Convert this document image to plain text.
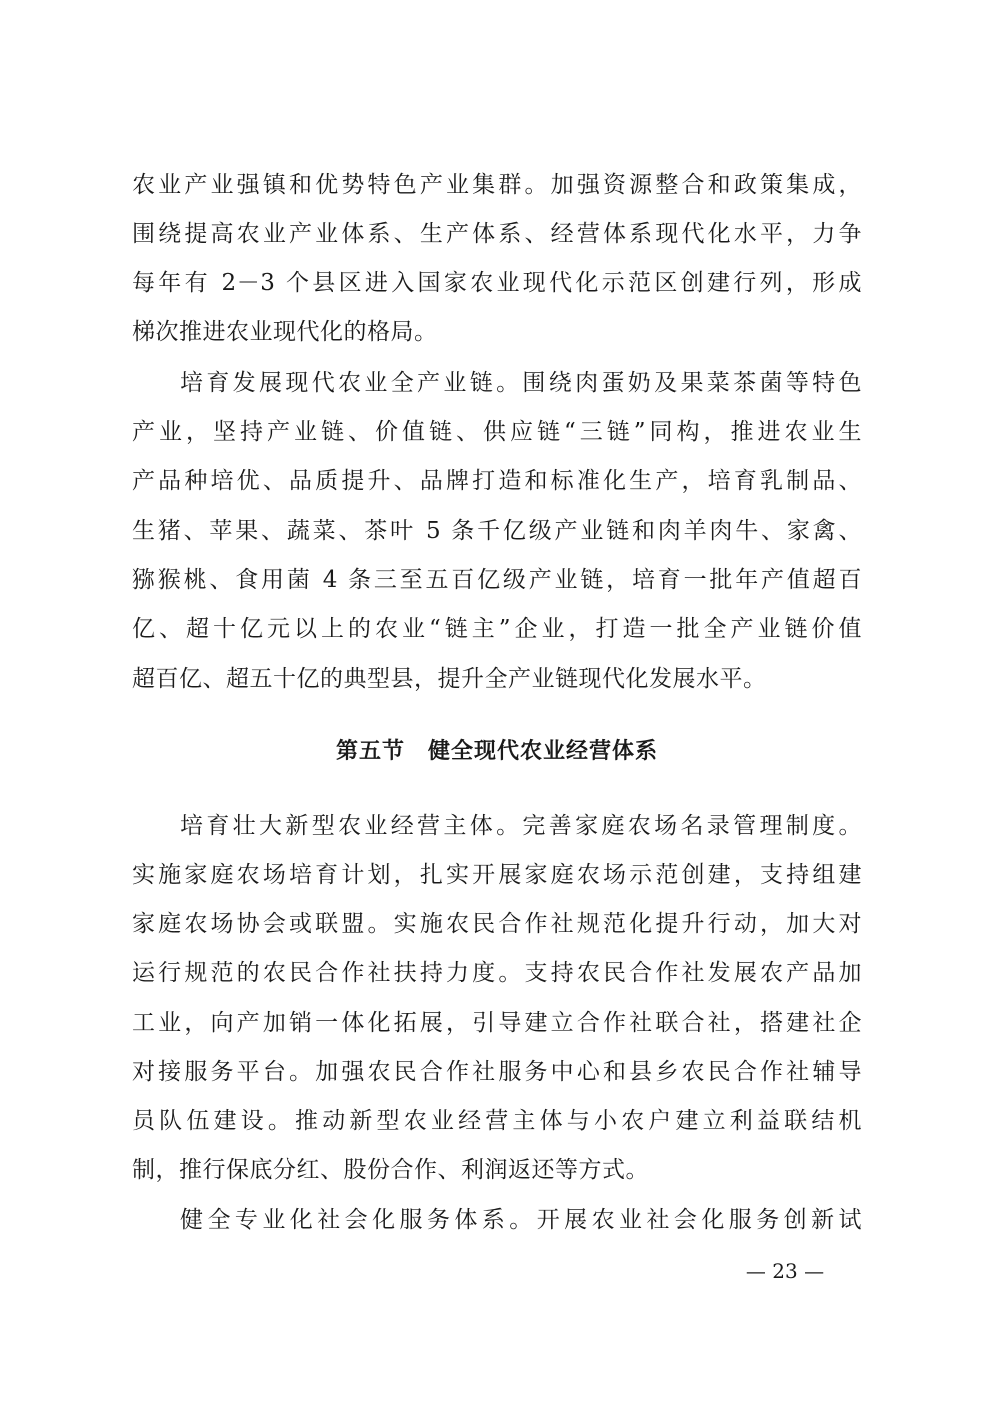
农业产业强镇和优势特色产业集群。加强资源整合和政策集成，
围绕提高农业产业体系、生产体系、经营体系现代化水平，力争
每年有 2－3 个县区进入国家农业现代化示范区创建行列，形成
梯次推进农业现代化的格局。
培育发展现代农业全产业链。围绕肉蛋奶及果菜茶菌等特色
产业，坚持产业链、价值链、供应链“三链”同构，推进农业生
产品种培优、品质提升、品牌打造和标准化生产，培育乳制品、
生猪、苹果、蔬菜、茶叶 5 条千亿级产业链和肉羊肉牛、家禽、
猕猴桃、食用菌 4 条三至五百亿级产业链，培育一批年产值超百
亿、超十亿元以上的农业“链主”企业，打造一批全产业链价值
超百亿、超五十亿的典型县，提升全产业链现代化发展水平。
第五节　健全现代农业经营体系
培育壮大新型农业经营主体。完善家庭农场名录管理制度。
实施家庭农场培育计划，扎实开展家庭农场示范创建，支持组建
家庭农场协会或联盟。实施农民合作社规范化提升行动，加大对
运行规范的农民合作社扶持力度。支持农民合作社发展农产品加
工业，向产加销一体化拓展，引导建立合作社联合社，搭建社企
对接服务平台。加强农民合作社服务中心和县乡农民合作社辅导
员队伍建设。推动新型农业经营主体与小农户建立利益联结机
制，推行保底分红、股份合作、利润返还等方式。
健全专业化社会化服务体系。开展农业社会化服务创新试
— 23 —
